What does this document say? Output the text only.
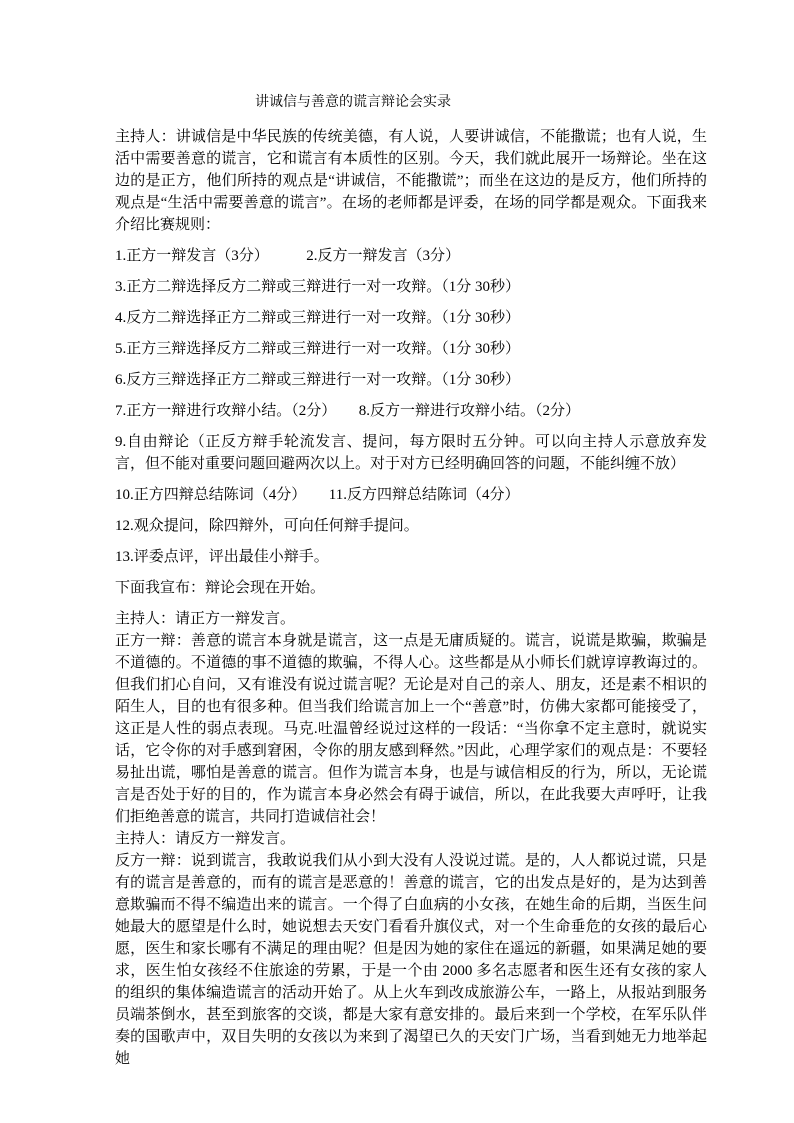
讲诚信与善意的谎言辩论会实录

主持人：讲诚信是中华民族的传统美德，有人说，人要讲诚信，不能撒谎；也有人说，生活中需要善意的谎言，它和谎言有本质性的区别。今天，我们就此展开一场辩论。坐在这边的是正方，他们所持的观点是“讲诚信，不能撒谎”；而坐在这边的是反方，他们所持的观点是“生活中需要善意的谎言”。在场的老师都是评委，在场的同学都是观众。下面我来介绍比赛规则：

1.正方一辩发言（3分）　　　2.反方一辩发言（3分）

3.正方二辩选择反方二辩或三辩进行一对一攻辩。（1分 30秒）

4.反方二辩选择正方二辩或三辩进行一对一攻辩。（1分 30秒）

5.正方三辩选择反方二辩或三辩进行一对一攻辩。（1分 30秒）

6.反方三辩选择正方二辩或三辩进行一对一攻辩。（1分 30秒）

7.正方一辩进行攻辩小结。（2分）　　8.反方一辩进行攻辩小结。（2分）

9.自由辩论（正反方辩手轮流发言、提问，每方限时五分钟。可以向主持人示意放弃发言，但不能对重要问题回避两次以上。对于对方已经明确回答的问题，不能纠缠不放）

10.正方四辩总结陈词（4分）　　11.反方四辩总结陈词（4分）

12.观众提问，除四辩外，可向任何辩手提问。

13.评委点评，评出最佳小辩手。

下面我宣布：辩论会现在开始。

主持人：请正方一辩发言。

正方一辩：善意的谎言本身就是谎言，这一点是无庸质疑的。谎言，说谎是欺骗，欺骗是不道德的。不道德的事不道德的欺骗，不得人心。这些都是从小师长们就谆谆教诲过的。但我们扪心自问，又有谁没有说过谎言呢？无论是对自己的亲人、朋友，还是素不相识的陌生人，目的也有很多种。但当我们给谎言加上一个“善意”时，仿佛大家都可能接受了，这正是人性的弱点表现。马克.吐温曾经说过这样的一段话：“当你拿不定主意时，就说实话，它令你的对手感到窘困，令你的朋友感到释然。”因此，心理学家们的观点是：不要轻易扯出谎，哪怕是善意的谎言。但作为谎言本身，也是与诚信相反的行为，所以，无论谎言是否处于好的目的，作为谎言本身必然会有碍于诚信，所以，在此我要大声呼吁，让我们拒绝善意的谎言，共同打造诚信社会！

主持人：请反方一辩发言。

反方一辩：说到谎言，我敢说我们从小到大没有人没说过谎。是的，人人都说过谎，只是有的谎言是善意的，而有的谎言是恶意的！善意的谎言，它的出发点是好的，是为达到善意欺骗而不得不编造出来的谎言。一个得了白血病的小女孩，在她生命的后期，当医生问她最大的愿望是什么时，她说想去天安门看看升旗仪式，对一个生命垂危的女孩的最后心愿，医生和家长哪有不满足的理由呢？但是因为她的家住在遥远的新疆，如果满足她的要求，医生怕女孩经不住旅途的劳累，于是一个由 2000 多名志愿者和医生还有女孩的家人的组织的集体编造谎言的活动开始了。从上火车到改成旅游公车，一路上，从报站到服务员端茶倒水，甚至到旅客的交谈，都是大家有意安排的。最后来到一个学校，在军乐队伴奏的国歌声中，双目失明的女孩以为来到了渴望已久的天安门广场，当看到她无力地举起她
